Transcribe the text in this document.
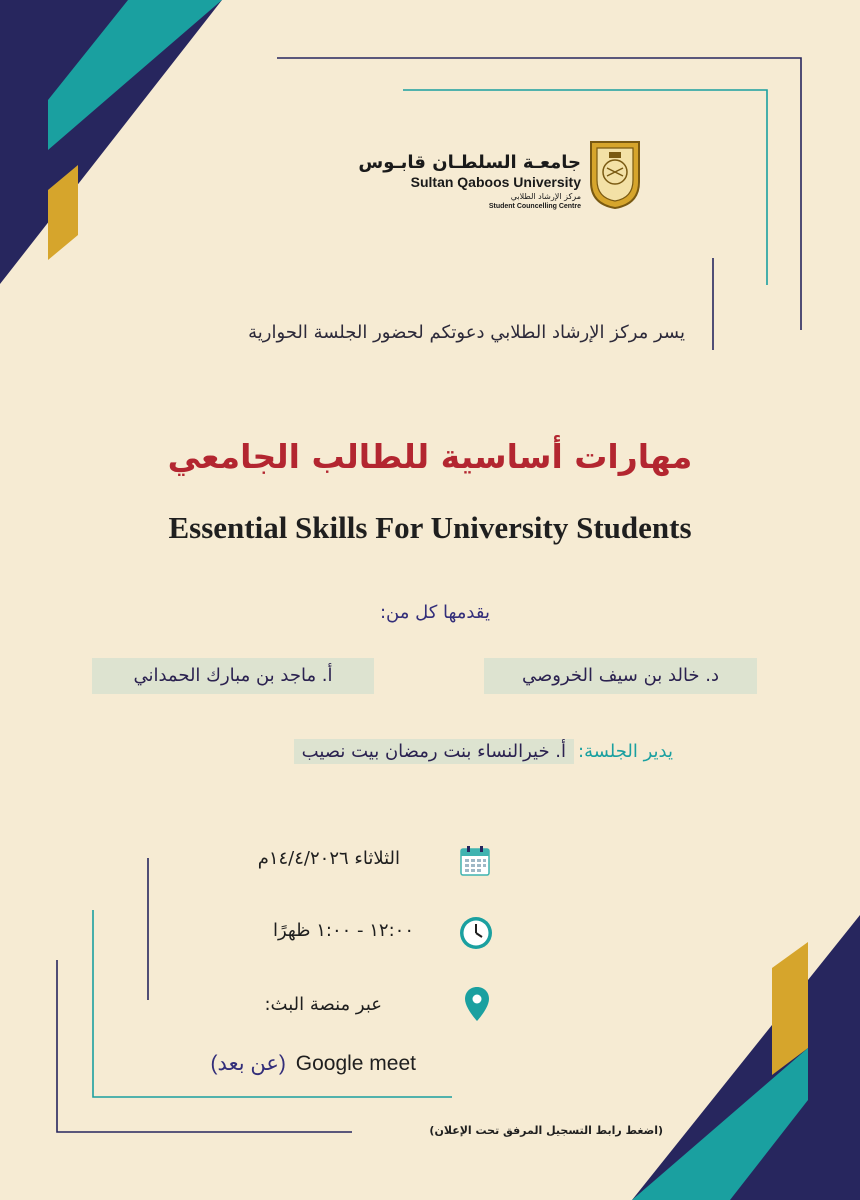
جامعـة السلطـان قابـوس
Sultan Qaboos University
مركز الإرشاد الطلابي
Student Councelling Centre
يسر مركز الإرشاد الطلابي دعوتكم لحضور الجلسة الحوارية
مهارات أساسية للطالب الجامعي
Essential Skills For University Students
يقدمها كل من:
د. خالد بن سيف الخروصي
أ. ماجد بن مبارك الحمداني
يدير الجلسة:أ. خيرالنساء بنت رمضان بيت نصيب
الثلاثاء ١٤/٤/٢٠٢٦م
١٢:٠٠ - ١:٠٠ ظهرًا
عبر منصة البث:
(عن بعد) Google meet
(اضغط رابط التسجيل المرفق تحت الإعلان)
